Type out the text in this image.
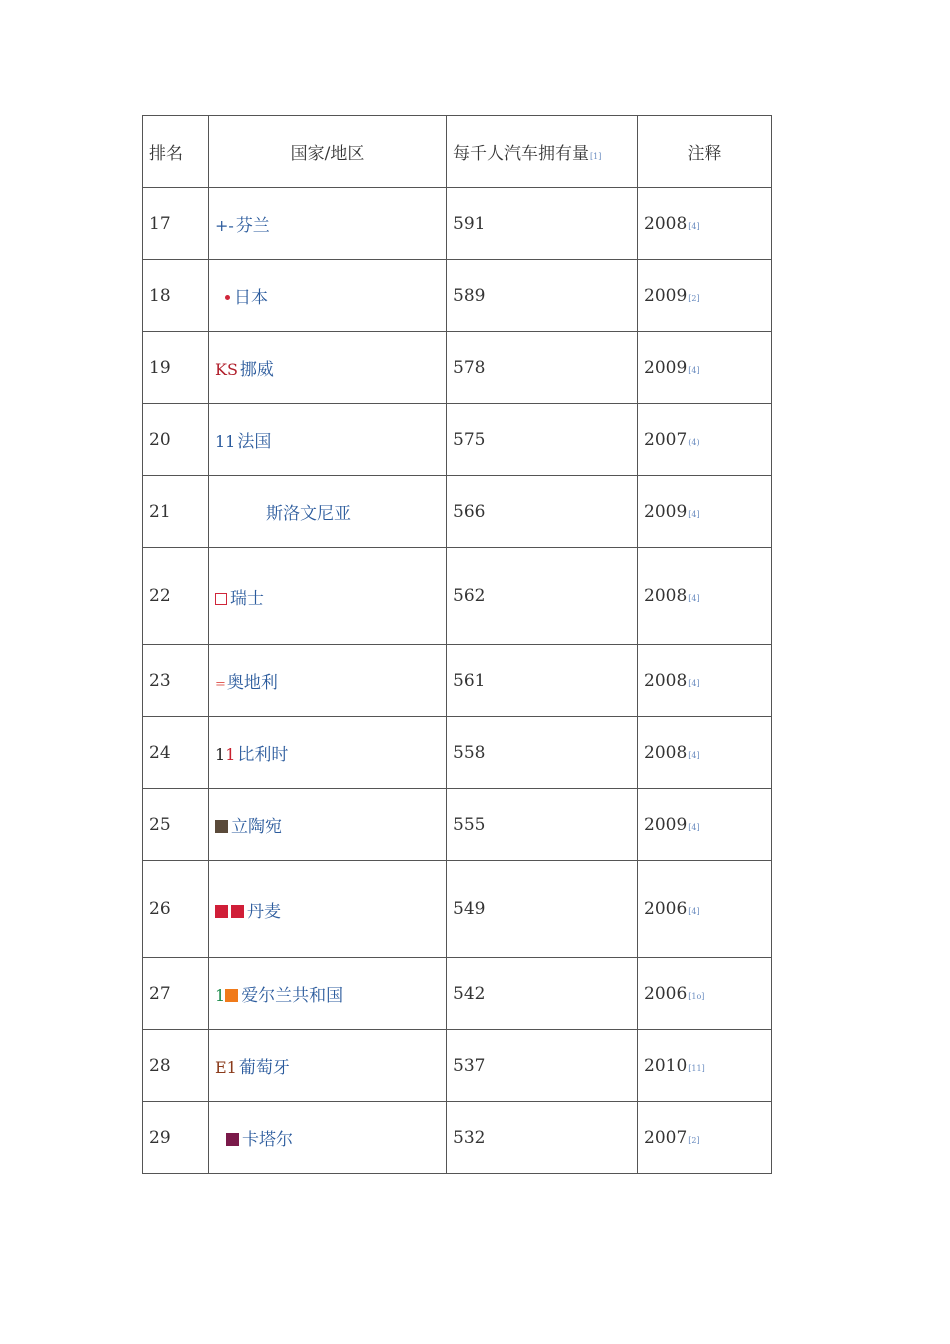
排名	国家/地区	每千人汽车拥有量[1]	注释
17	+- 芬兰	591	2008[4]
18	日本	589	2009[2]
19	KS 挪威	578	2009[4]
20	11 法国	575	2007(4)
21	斯洛文尼亚	566	2009[4]
22	瑞士	562	2008[4]
23	=奥地利	561	2008[4]
24	11 比利时	558	2008[4]
25	立陶宛	555	2009[4]
26	丹麦	549	2006[4]
27	1 爱尔兰共和国	542	2006[1o]
28	E1 葡萄牙	537	2010[11]
29	卡塔尔	532	2007[2]
